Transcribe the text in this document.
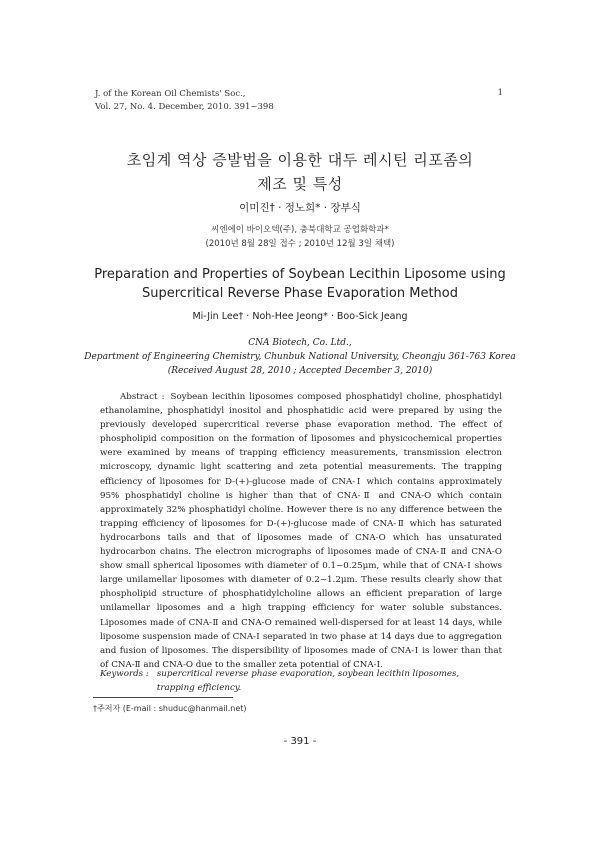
J. of the Korean Oil Chemists' Soc.,
Vol. 27, No. 4. December, 2010. 391~398
1
초임계 역상 증발법을 이용한 대두 레시틴 리포좀의
제조 및 특성
이미진† · 정노희* · 장부식
씨엔에이 바이오텍(주), 충북대학교 공업화학과*
(2010년 8월 28일 접수 ; 2010년 12월 3일 채택)
Preparation and Properties of Soybean Lecithin Liposome using
Supercritical Reverse Phase Evaporation Method
Mi-Jin Lee† · Noh-Hee Jeong* · Boo-Sick Jeang
CNA Biotech, Co. Ltd.,
Department of Engineering Chemistry, Chunbuk National University, Cheongju 361-763 Korea
(Received August 28, 2010 ; Accepted December 3, 2010)
Abstract : Soybean lecithin liposomes composed phosphatidyl choline, phosphatidyl ethanolamine, phosphatidyl inositol and phosphatidic acid were prepared by using the previously developed supercritical reverse phase evaporation method. The effect of phospholipid composition on the formation of liposomes and physicochemical properties were examined by means of trapping efficiency measurements, transmission electron microscopy, dynamic light scattering and zeta potential measurements. The trapping efficiency of liposomes for D-(+)-glucose made of CNA-Ⅰ which contains approximately 95% phosphatidyl choline is higher than that of CNA-Ⅱ and CNA-O which contain approximately 32% phosphatidyl choline. However there is no any difference between the trapping efficiency of liposomes for D-(+)-glucose made of CNA-Ⅱ which has saturated hydrocarbons tails and that of liposomes made of CNA-O which has unsaturated hydrocarbon chains. The electron micrographs of liposomes made of CNA-Ⅱ and CNA-O show small spherical liposomes with diameter of 0.1~0.25μm, while that of CNA-Ⅰ shows large unilamellar liposomes with diameter of 0.2~1.2μm. These results clearly show that phospholipid structure of phosphatidylcholine allows an efficient preparation of large unilamellar liposomes and a high trapping efficiency for water soluble substances. Liposomes made of CNA-Ⅱ and CNA-O remained well-dispersed for at least 14 days, while liposome suspension made of CNA-Ⅰ separated in two phase at 14 days due to aggregation and fusion of liposomes. The dispersibility of liposomes made of CNA-Ⅰ is lower than that of CNA-Ⅱ and CNA-O due to the smaller zeta potential of CNA-Ⅰ.
Keywords : supercritical reverse phase evaporation, soybean lecithin liposomes, trapping efficiency.
†주저자 (E-mail : shuduc@hanmail.net)
- 391 -
